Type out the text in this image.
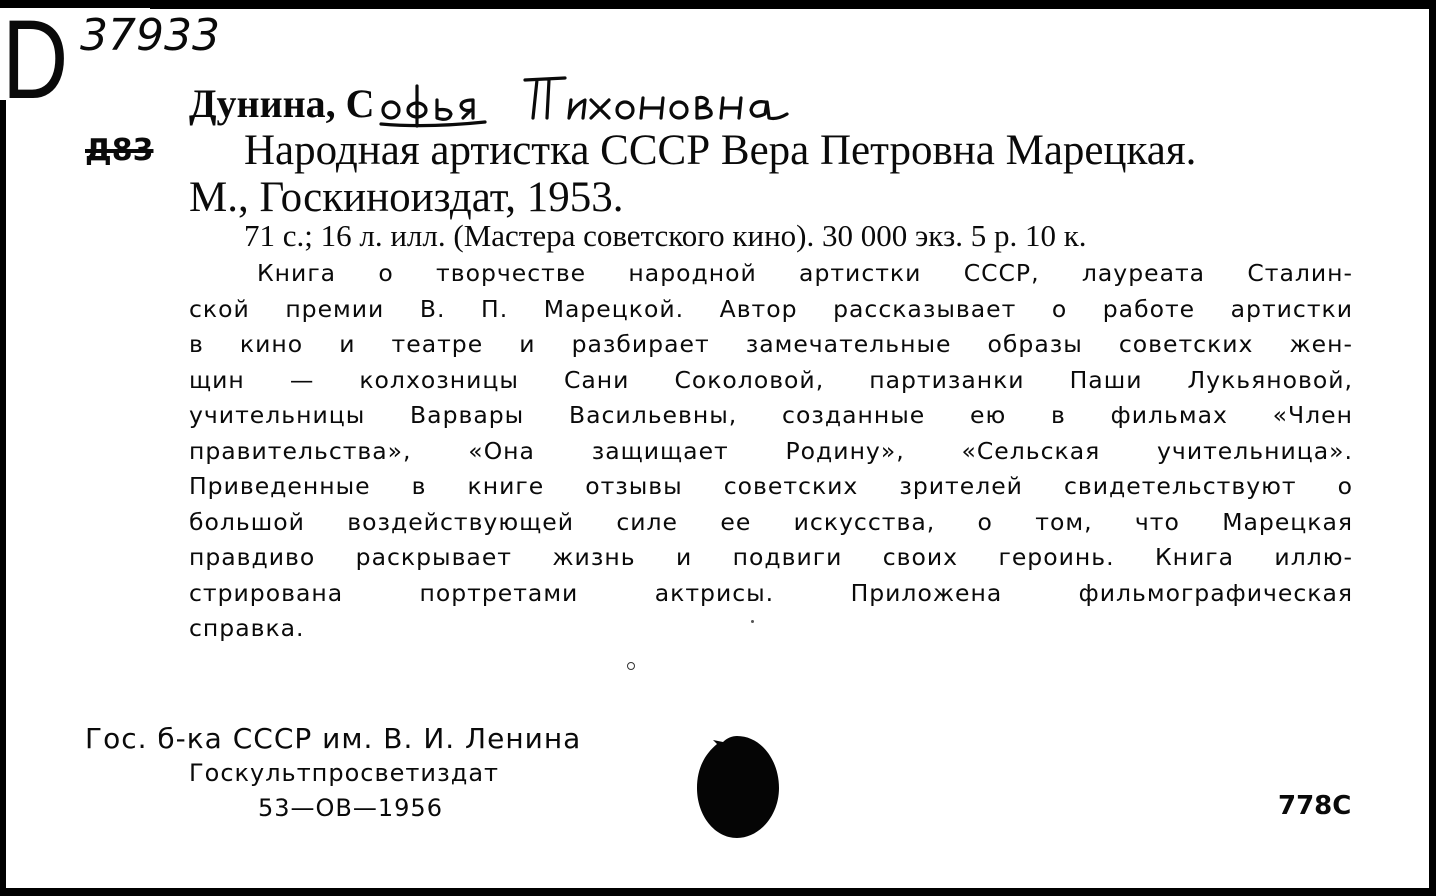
D 37933
Дунина, С
Д83 Народная артистка СССР Вера Петровна Марецкая.
М., Госкиноиздат, 1953.
71 с.; 16 л. илл. (Мастера советского кино). 30 000 экз. 5 р. 10 к.
Книга о творчестве народной артистки СССР, лауреата Сталин-
ской премии В. П. Марецкой. Автор рассказывает о работе артистки
в кино и театре и разбирает замечательные образы советских жен-
щин — колхозницы Сани Соколовой, партизанки Паши Лукьяновой,
учительницы Варвары Васильевны, созданные ею в фильмах «Член
правительства», «Она защищает Родину», «Сельская учительница».
Приведенные в книге отзывы советских зрителей свидетельствуют о
большой воздействующей силе ее искусства, о том, что Марецкая
правдиво раскрывает жизнь и подвиги своих героинь. Книга иллю-
стрирована портретами актрисы. Приложена фильмографическая
справка.
Гос. б-ка СССР им. В. И. Ленина
Госкультпросветиздат
53—ОВ—1956	778С
